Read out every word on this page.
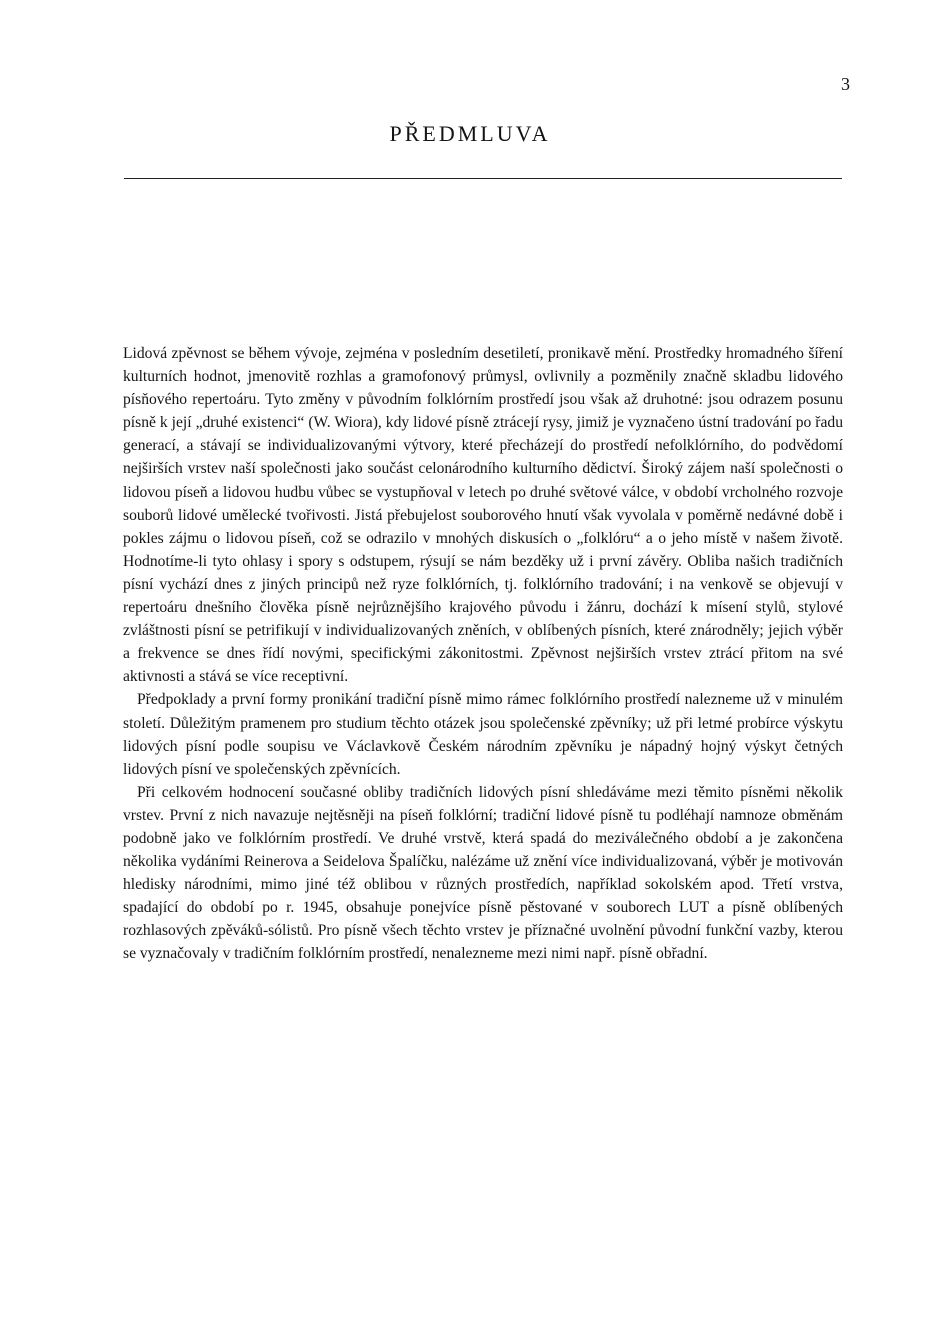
3
PŘEDMLUVA

Lidová zpěvnost se během vývoje, zejména v posledním desetiletí, pronikavě mění. Prostředky hromadného šíření kulturních hodnot, jmenovitě rozhlas a gramofonový průmysl, ovlivnily a pozměnily značně skladbu lidového písňového repertoáru. Tyto změny v původním folklórním prostředí jsou však až druhotné: jsou odrazem posunu písně k její „druhé existenci“ (W. Wiora), kdy lidové písně ztrácejí rysy, jimiž je vyznačeno ústní tradování po řadu generací, a stávají se individualizovanými výtvory, které přecházejí do prostředí nefolklórního, do podvědomí nejširších vrstev naší společnosti jako součást celonárodního kulturního dědictví. Široký zájem naší společnosti o lidovou píseň a lidovou hudbu vůbec se vystupňoval v letech po druhé světové válce, v období vrcholného rozvoje souborů lidové umělecké tvořivosti. Jistá přebujelost souborového hnutí však vyvolala v poměrně nedávné době i pokles zájmu o lidovou píseň, což se odrazilo v mnohých diskusích o „folklóru“ a o jeho místě v našem životě. Hodnotíme-li tyto ohlasy i spory s odstupem, rýsují se nám bezděky už i první závěry. Obliba našich tradičních písní vychází dnes z jiných principů než ryze folklórních, tj. folklórního tradování; i na venkově se objevují v repertoáru dnešního člověka písně nejrůznějšího krajového původu i žánru, dochází k mísení stylů, stylové zvláštnosti písní se petrifikují v individualizovaných zněních, v oblíbených písních, které znárodněly; jejich výběr a frekvence se dnes řídí novými, specifickými zákonitostmi. Zpěvnost nejširších vrstev ztrácí přitom na své aktivnosti a stává se více receptivní.

Předpoklady a první formy pronikání tradiční písně mimo rámec folklórního prostředí nalezneme už v minulém století. Důležitým pramenem pro studium těchto otázek jsou společenské zpěvníky; už při letmé probírce výskytu lidových písní podle soupisu ve Václavkově Českém národním zpěvníku je nápadný hojný výskyt četných lidových písní ve společenských zpěvnících.

Při celkovém hodnocení současné obliby tradičních lidových písní shledáváme mezi těmito písněmi několik vrstev. První z nich navazuje nejtěsněji na píseň folklórní; tradiční lidové písně tu podléhají namnoze obměnám podobně jako ve folklórním prostředí. Ve druhé vrstvě, která spadá do meziválečného období a je zakončena několika vydáními Reinerova a Seidelova Špalíčku, nalézáme už znění více individualizovaná, výběr je motivován hledisky národními, mimo jiné též oblibou v různých prostředích, například sokolském apod. Třetí vrstva, spadající do období po r. 1945, obsahuje ponejvíce písně pěstované v souborech LUT a písně oblíbených rozhlasových zpěváků-sólistů. Pro písně všech těchto vrstev je příznačné uvolnění původní funkční vazby, kterou se vyznačovaly v tradičním folklórním prostředí, nenalezneme mezi nimi např. písně obřadní.
